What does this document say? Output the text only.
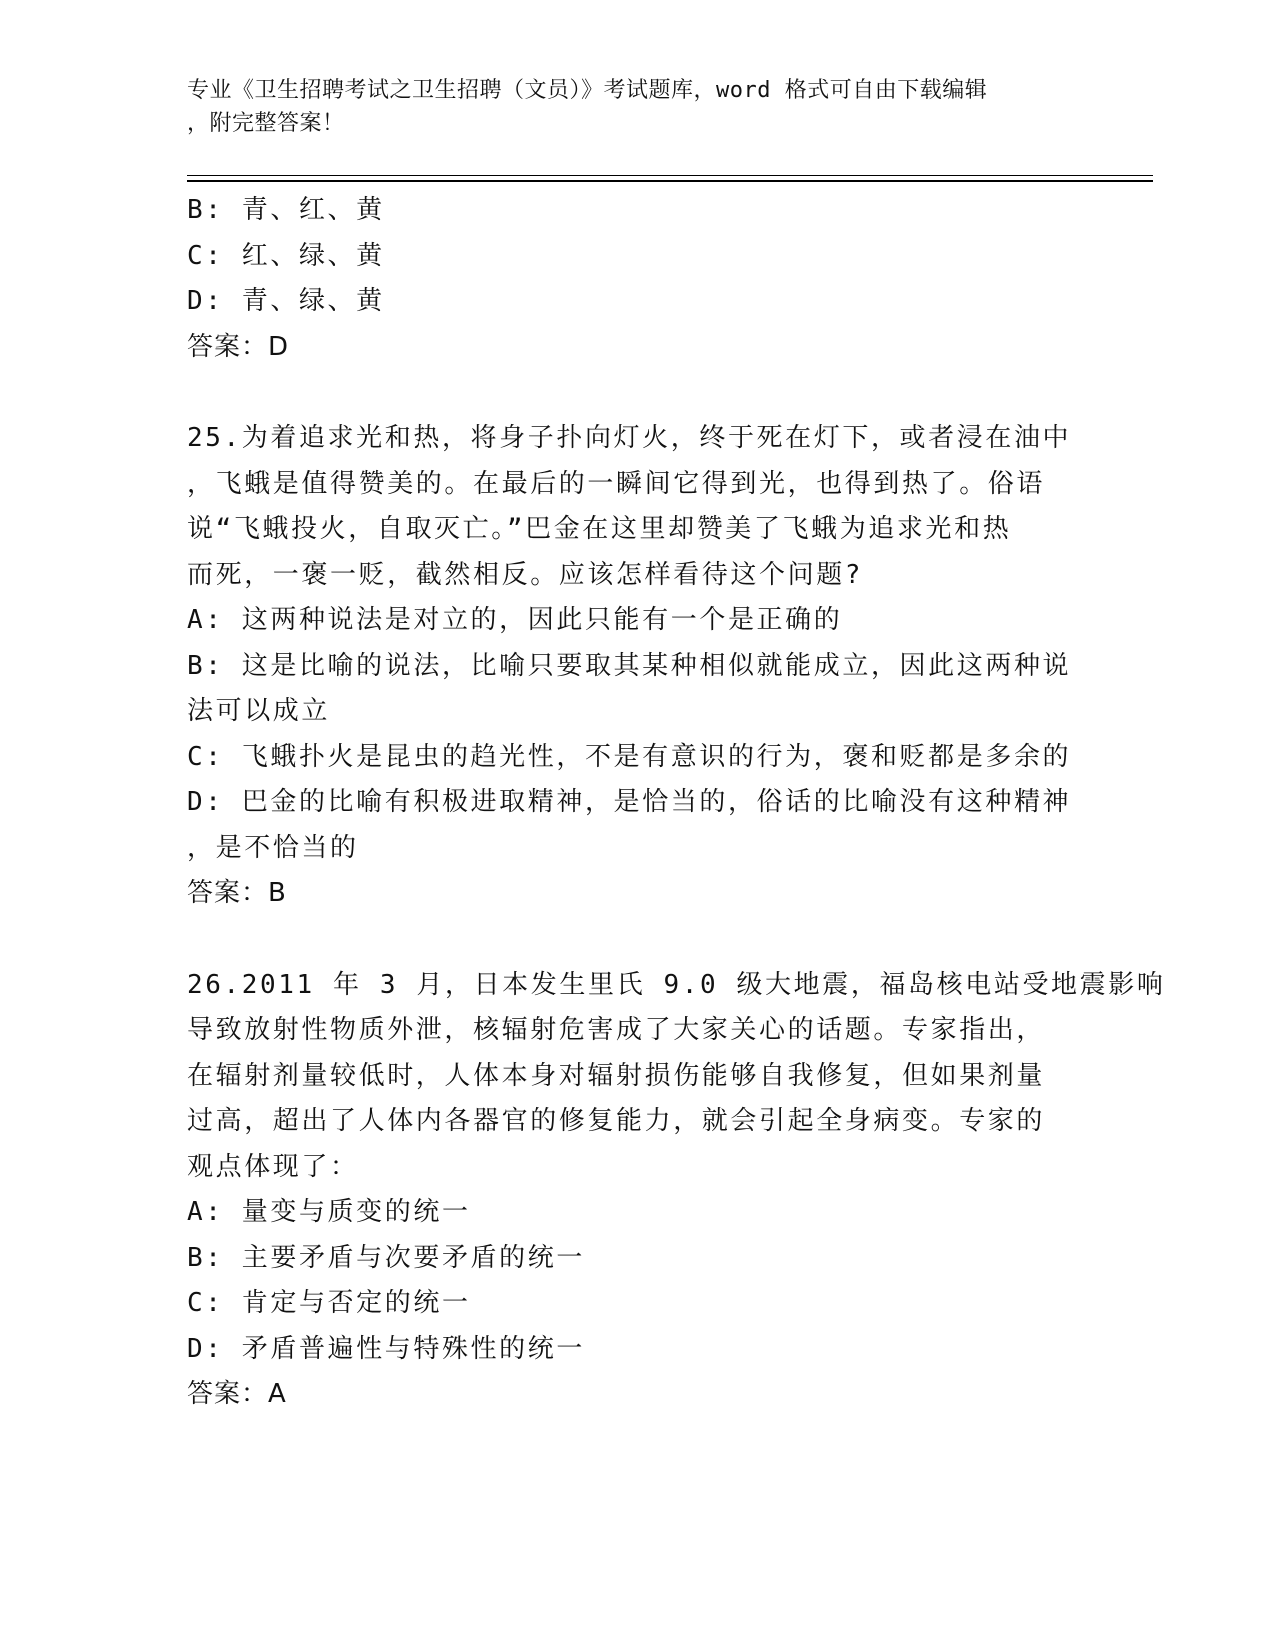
专业《卫生招聘考试之卫生招聘（文员）》考试题库，word 格式可自由下载编辑
，附完整答案！
B: 青、红、黄
C: 红、绿、黄
D: 青、绿、黄
答案：D
25.为着追求光和热，将身子扑向灯火，终于死在灯下，或者浸在油中
，飞蛾是值得赞美的。在最后的一瞬间它得到光，也得到热了。俗语
说“飞蛾投火，自取灭亡。”巴金在这里却赞美了飞蛾为追求光和热
而死，一褒一贬，截然相反。应该怎样看待这个问题?
A: 这两种说法是对立的，因此只能有一个是正确的
B: 这是比喻的说法，比喻只要取其某种相似就能成立，因此这两种说
法可以成立
C: 飞蛾扑火是昆虫的趋光性，不是有意识的行为，褒和贬都是多余的
D: 巴金的比喻有积极进取精神，是恰当的，俗话的比喻没有这种精神
，是不恰当的
答案：B
26.2011 年 3 月，日本发生里氏 9.0 级大地震，福岛核电站受地震影响
导致放射性物质外泄，核辐射危害成了大家关心的话题。专家指出，
在辐射剂量较低时，人体本身对辐射损伤能够自我修复，但如果剂量
过高，超出了人体内各器官的修复能力，就会引起全身病变。专家的
观点体现了：
A: 量变与质变的统一
B: 主要矛盾与次要矛盾的统一
C: 肯定与否定的统一
D: 矛盾普遍性与特殊性的统一
答案：A
